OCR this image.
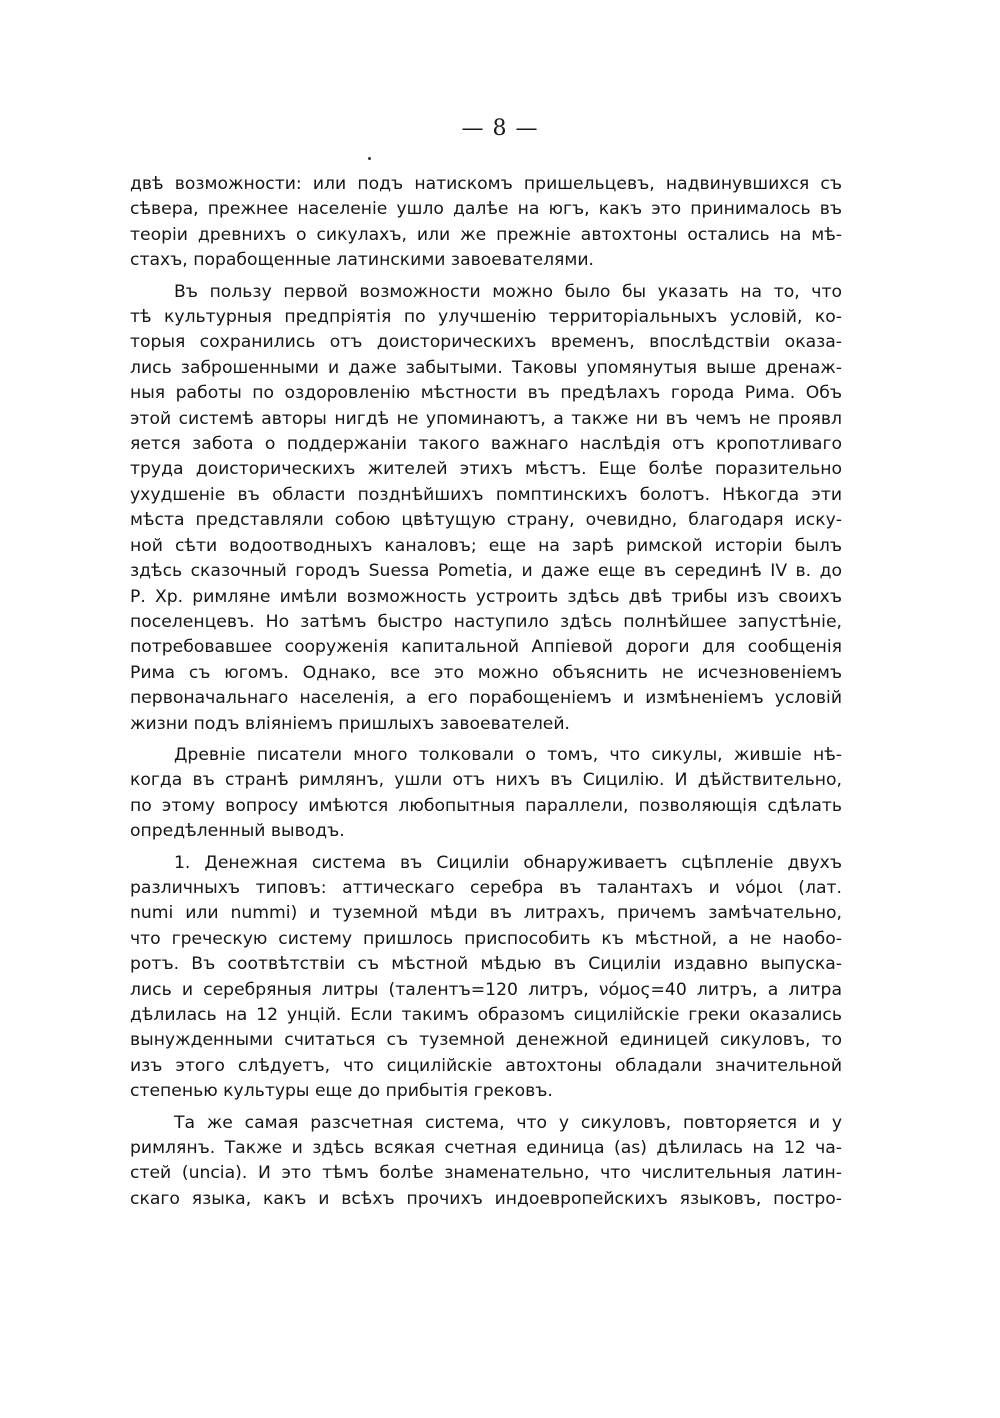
— 8 —
двѣ возможности: или подъ натискомъ пришельцевъ, надвинувшихся съ
сѣвера, прежнее населеніе ушло далѣе на югъ, какъ это принималось въ
теоріи древнихъ о сикулахъ, или же прежніе автохтоны остались на мѣ-
стахъ, порабощенные латинскими завоевателями.
Въ пользу первой возможности можно было бы указать на то, что
тѣ культурныя предпріятія по улучшенію территоріальныхъ условій, ко-
торыя сохранились отъ доисторическихъ временъ, впослѣдствіи оказа-
лись заброшенными и даже забытыми. Таковы упомянутыя выше дренаж-
ныя работы по оздоровленію мѣстности въ предѣлахъ города Рима. Объ
этой системѣ авторы нигдѣ не упоминаютъ, а также ни въ чемъ не проявл
яется забота о поддержаніи такого важнаго наслѣдія отъ кропотливаго
труда доисторическихъ жителей этихъ мѣстъ. Еще болѣе поразительно
ухудшеніе въ области позднѣйшихъ помптинскихъ болотъ. Нѣкогда эти
мѣста представляли собою цвѣтущую страну, очевидно, благодаря иску-
ной сѣти водоотводныхъ каналовъ; еще на зарѣ римской исторіи былъ
здѣсь сказочный городъ Suessa Pometia, и даже еще въ серединѣ IV в. до
Р. Хр. римляне имѣли возможность устроить здѣсь двѣ трибы изъ своихъ
поселенцевъ. Но затѣмъ быстро наступило здѣсь полнѣйшее запустѣніе,
потребовавшее сооруженія капитальной Аппіевой дороги для сообщенія
Рима съ югомъ. Однако, все это можно объяснить не исчезновеніемъ
первоначальнаго населенія, а его порабощеніемъ и измѣненіемъ условій
жизни подъ вліяніемъ пришлыхъ завоевателей.
Древніе писатели много толковали о томъ, что сикулы, жившіе нѣ-
когда въ странѣ римлянъ, ушли отъ нихъ въ Сицилію. И дѣйствительно,
по этому вопросу имѣются любопытныя параллели, позволяющія сдѣлать
опредѣленный выводъ.
1. Денежная система въ Сициліи обнаруживаетъ сцѣпленіе двухъ
различныхъ типовъ: аттическаго серебра въ талантахъ и νόμοι (лат.
numi или nummi) и туземной мѣди въ литрахъ, причемъ замѣчательно,
что греческую систему пришлось приспособить къ мѣстной, а не наобо-
ротъ. Въ соотвѣтствіи съ мѣстной мѣдью въ Сициліи издавно выпуска-
лись и серебряныя литры (талентъ=120 литръ, νόμος=40 литръ, а литра
дѣлилась на 12 унцій. Если такимъ образомъ сицилійскіе греки оказались
вынужденными считаться съ туземной денежной единицей сикуловъ, то
изъ этого слѣдуетъ, что сицилійскіе автохтоны обладали значительной
степенью культуры еще до прибытія грековъ.
Та же самая разсчетная система, что у сикуловъ, повторяется и у
римлянъ. Также и здѣсь всякая счетная единица (as) дѣлилась на 12 ча-
стей (uncia). И это тѣмъ болѣе знаменательно, что числительныя латин-
скаго языка, какъ и всѣхъ прочихъ индоевропейскихъ языковъ, постро-
